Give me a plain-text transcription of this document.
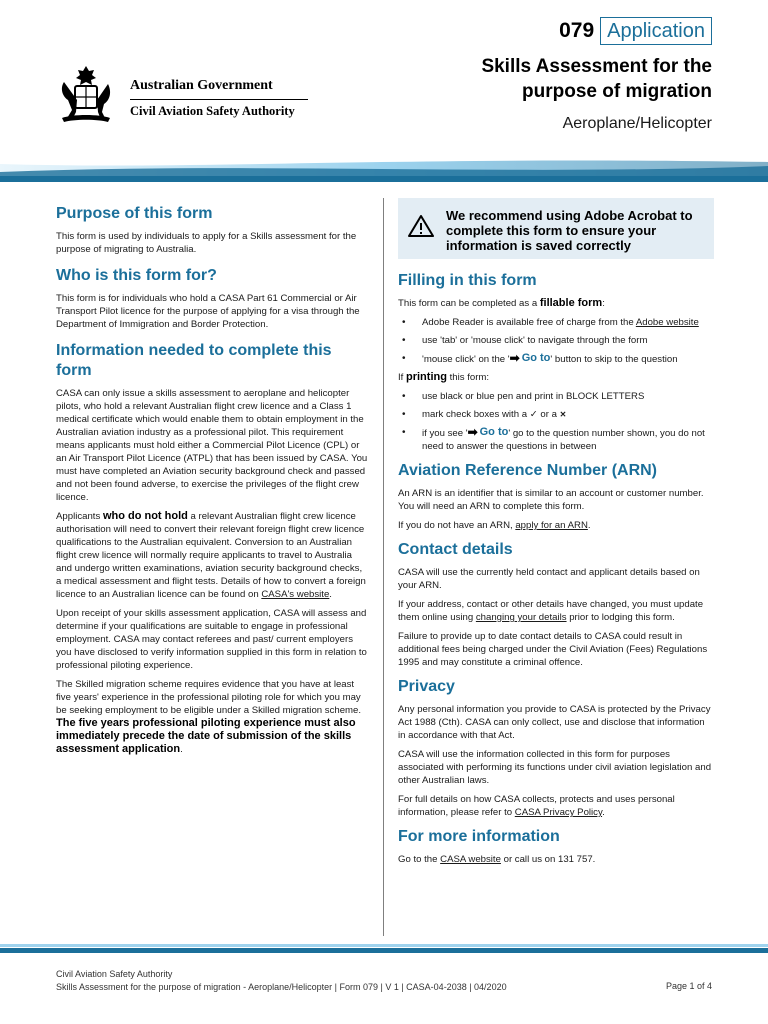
Australian Government
Civil Aviation Safety Authority
079 Application
Skills Assessment for the
purpose of migration
Aeroplane/Helicopter
Purpose of this form

This form is used by individuals to apply for a Skills assessment for the purpose of migrating to Australia.

Who is this form for?

This form is for individuals who hold a CASA Part 61 Commercial or Air Transport Pilot licence for the purpose of applying for a visa through the Department of Immigration and Border Protection.

Information needed to complete this form

CASA can only issue a skills assessment to aeroplane and helicopter pilots, who hold a relevant Australian flight crew licence and a Class 1 medical certificate which would enable them to obtain employment in the Australian aviation industry as a professional pilot. This requirement means applicants must hold either a Commercial Pilot Licence (CPL) or an Air Transport Pilot Licence (ATPL) that has been issued by CASA. You must have completed an Aviation security background check and passed and not been found adverse, to exercise the privileges of the flight crew licence.

Applicants who do not hold a relevant Australian flight crew licence authorisation will need to convert their relevant foreign flight crew licence qualifications to the Australian equivalent. Conversion to an Australian flight crew licence will normally require applicants to travel to Australia and undergo written examinations, aviation security background checks, a medical assessment and flight tests. Details of how to convert a foreign licence to an Australian licence can be found on CASA's website.

Upon receipt of your skills assessment application, CASA will assess and determine if your qualifications are suitable to engage in professional employment. CASA may contact referees and past/ current employers you have disclosed to verify information supplied in this form in relation to professional piloting experience.

The Skilled migration scheme requires evidence that you have at least five years' experience in the professional piloting role for which you may be seeking employment to be eligible under a Skilled migration scheme. The five years professional piloting experience must also immediately precede the date of submission of the skills assessment application.

We recommend using Adobe Acrobat to complete this form to ensure your information is saved correctly
Filling in this form

This form can be completed as a fillable form:

• Adobe Reader is available free of charge from the Adobe website
• use 'tab' or 'mouse click' to navigate through the form
• 'mouse click' on the ' ➡ Go to ' button to skip to the question

If printing this form:

• use black or blue pen and print in BLOCK LETTERS
• mark check boxes with a ✓ or a ✕
• if you see ' ➡ Go to ' go to the question number shown, you do not need to answer the questions in between
Aviation Reference Number (ARN)

An ARN is an identifier that is similar to an account or customer number. You will need an ARN to complete this form.

If you do not have an ARN, apply for an ARN.

Contact details

CASA will use the currently held contact and applicant details based on your ARN.

If your address, contact or other details have changed, you must update them online using changing your details prior to lodging this form.

Failure to provide up to date contact details to CASA could result in additional fees being charged under the Civil Aviation (Fees) Regulations 1995 and may constitute a criminal offence.

Privacy

Any personal information you provide to CASA is protected by the Privacy Act 1988 (Cth). CASA can only collect, use and disclose that information in accordance with that Act.

CASA will use the information collected in this form for purposes associated with performing its functions under civil aviation legislation and other Australian laws.

For full details on how CASA collects, protects and uses personal information, please refer to CASA Privacy Policy.

For more information

Go to the CASA website or call us on 131 757.

Civil Aviation Safety Authority
Skills Assessment for the purpose of migration - Aeroplane/Helicopter | Form 079 | V 1 | CASA-04-2038 | 04/2020	Page 1 of 4
